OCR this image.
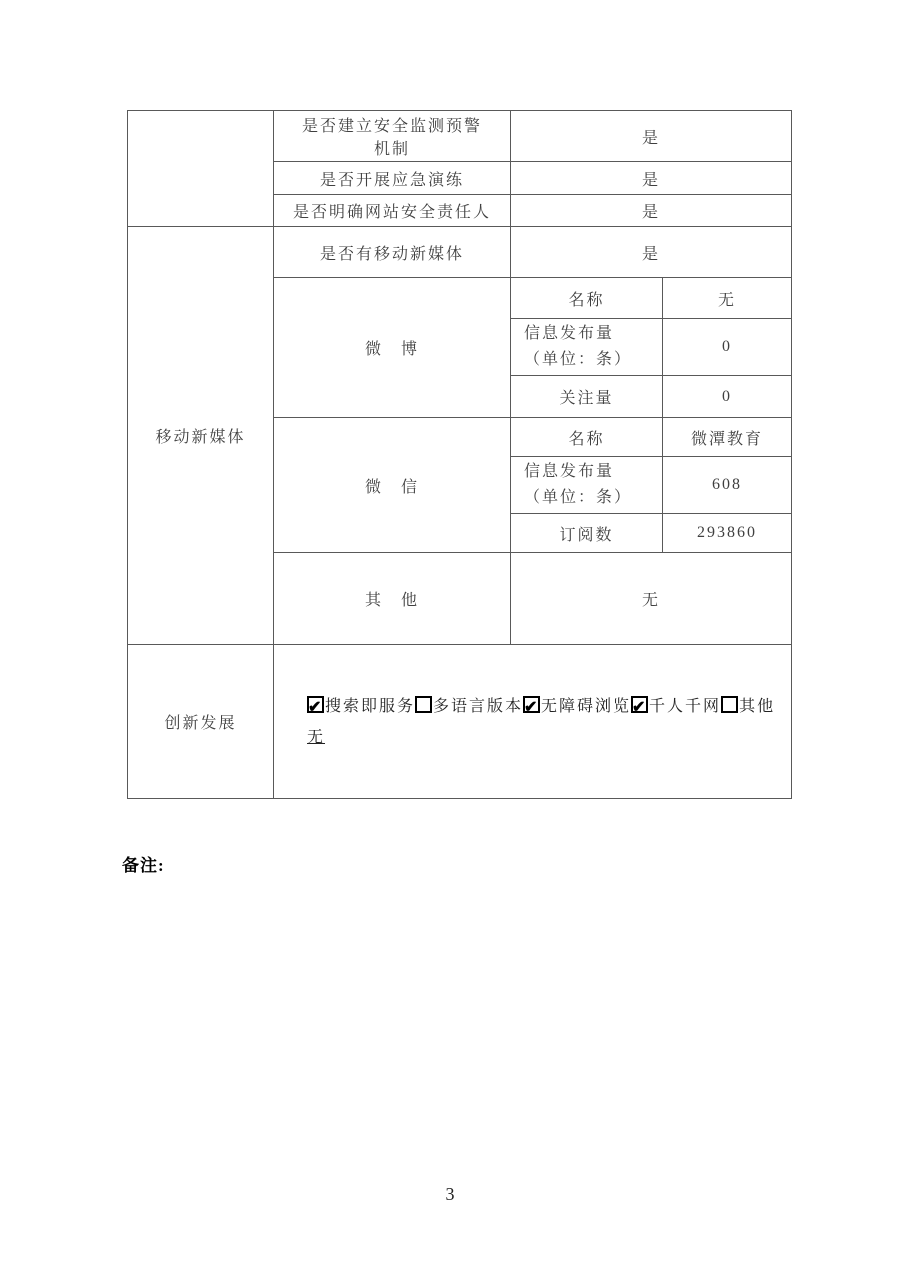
	是否建立安全监测预警
机制	是	
	是否开展应急演练	是	
	是否明确网站安全责任人	是	
移动新媒体	是否有移动新媒体	是	
	微　博	名称	无

		信息发布量
（单位：条）	0
		关注量	0
	微　信	名称	微潭教育

		信息发布量
（单位：条）	608
		订阅数	293860
	其　他	无	
创新发展	
✔搜索即服务 多语言版本 ✔ 无障碍浏览 ✔ 千人千网 其他
无
备注:
3
